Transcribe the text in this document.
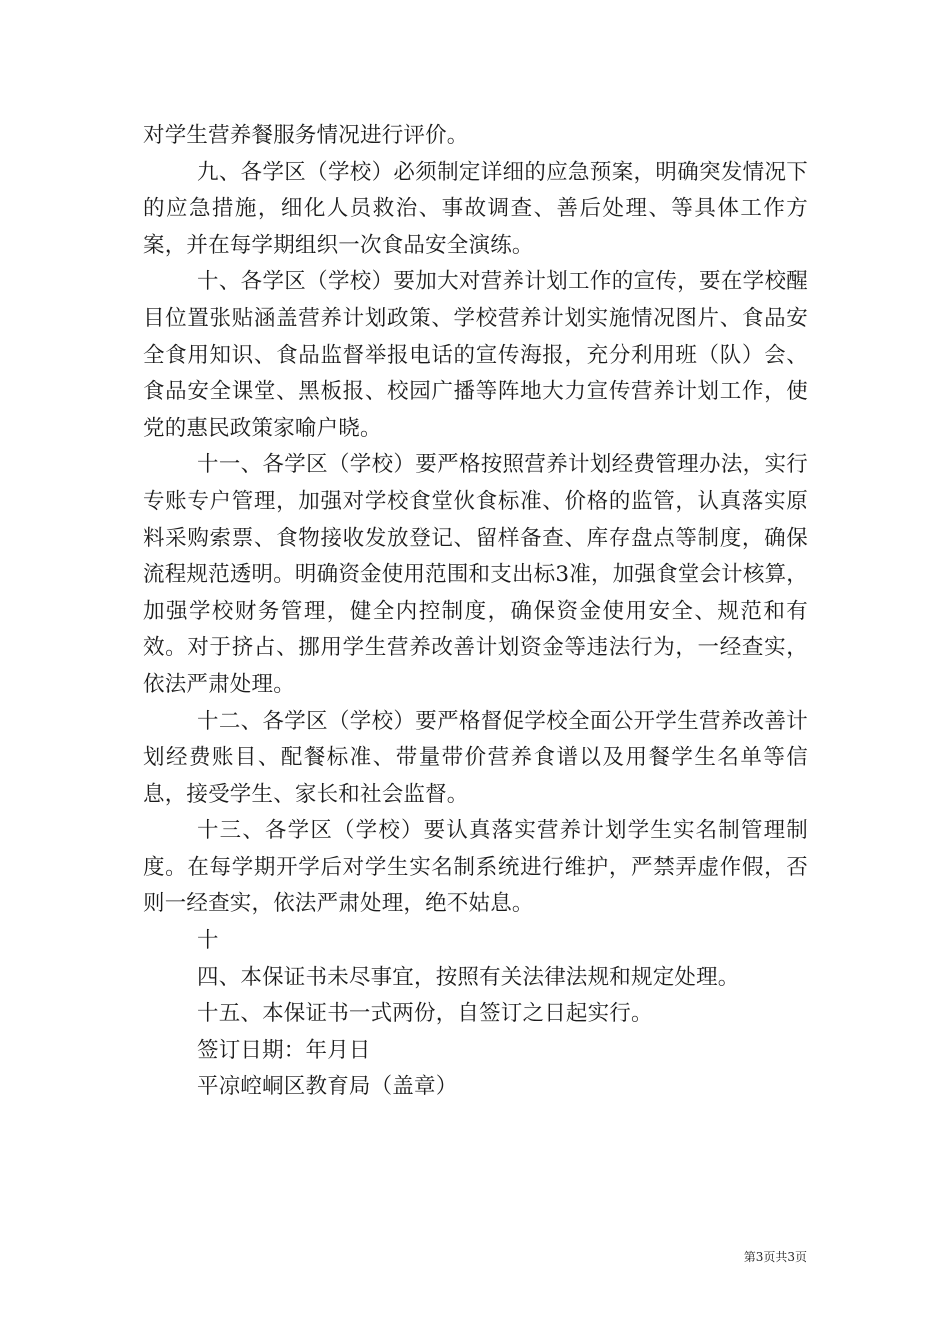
对学生营养餐服务情况进行评价。

九、各学区（学校）必须制定详细的应急预案，明确突发情况下的应急措施，细化人员救治、事故调查、善后处理、等具体工作方案，并在每学期组织一次食品安全演练。

十、各学区（学校）要加大对营养计划工作的宣传，要在学校醒目位置张贴涵盖营养计划政策、学校营养计划实施情况图片、食品安全食用知识、食品监督举报电话的宣传海报，充分利用班（队）会、食品安全课堂、黑板报、校园广播等阵地大力宣传营养计划工作，使党的惠民政策家喻户晓。

十一、各学区（学校）要严格按照营养计划经费管理办法，实行专账专户管理，加强对学校食堂伙食标准、价格的监管，认真落实原料采购索票、食物接收发放登记、留样备查、库存盘点等制度，确保流程规范透明。明确资金使用范围和支出标3准，加强食堂会计核算，加强学校财务管理，健全内控制度，确保资金使用安全、规范和有效。对于挤占、挪用学生营养改善计划资金等违法行为，一经查实，依法严肃处理。

十二、各学区（学校）要严格督促学校全面公开学生营养改善计划经费账目、配餐标准、带量带价营养食谱以及用餐学生名单等信息，接受学生、家长和社会监督。

十三、各学区（学校）要认真落实营养计划学生实名制管理制度。在每学期开学后对学生实名制系统进行维护，严禁弄虚作假，否则一经查实，依法严肃处理，绝不姑息。

十

四、本保证书未尽事宜，按照有关法律法规和规定处理。

十五、本保证书一式两份，自签订之日起实行。

签订日期：年月日

平凉崆峒区教育局（盖章）

第3页共3页
